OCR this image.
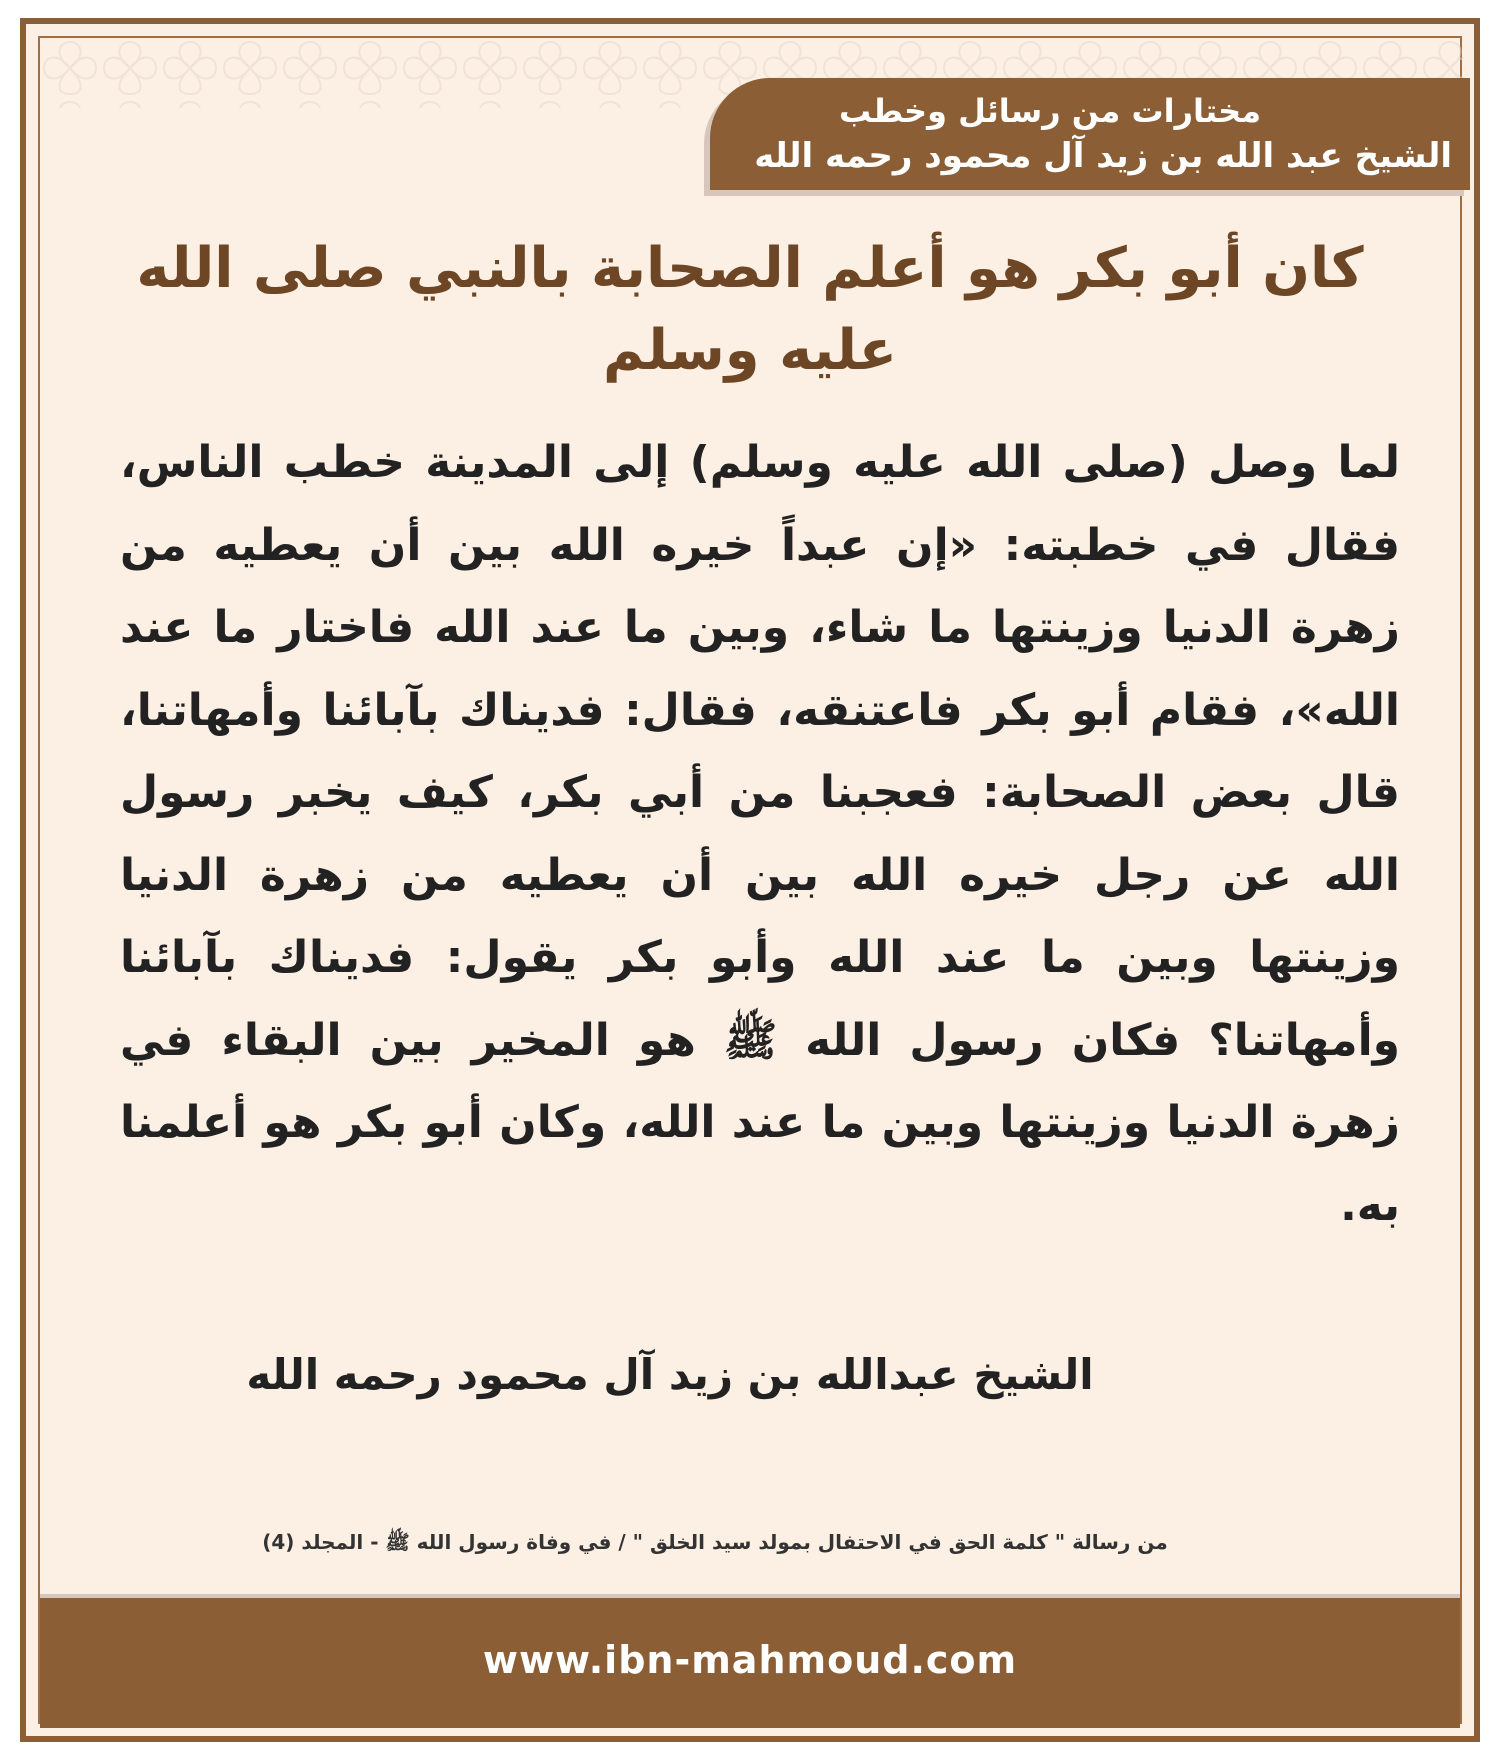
مختارات من رسائل وخطب
الشيخ عبد الله بن زيد آل محمود رحمه الله
كان أبو بكر هو أعلم الصحابة بالنبي صلى الله عليه وسلم
لما وصل (صلى الله عليه وسلم) إلى المدينة خطب الناس، فقال في خطبته: «إن عبداً خيره الله بين أن يعطيه من زهرة الدنيا وزينتها ما شاء، وبين ما عند الله فاختار ما عند الله»، فقام أبو بكر فاعتنقه، فقال: فديناك بآبائنا وأمهاتنا، قال بعض الصحابة: فعجبنا من أبي بكر، كيف يخبر رسول الله عن رجل خيره الله بين أن يعطيه من زهرة الدنيا وزينتها وبين ما عند الله وأبو بكر يقول: فديناك بآبائنا وأمهاتنا؟ فكان رسول الله ﷺ هو المخير بين البقاء في زهرة الدنيا وزينتها وبين ما عند الله، وكان أبو بكر هو أعلمنا به.
الشيخ عبدالله بن زيد آل محمود رحمه الله
من رسالة " كلمة الحق في الاحتفال بمولد سيد الخلق " / في وفاة رسول الله ﷺ - المجلد (4)
www.ibn-mahmoud.com
